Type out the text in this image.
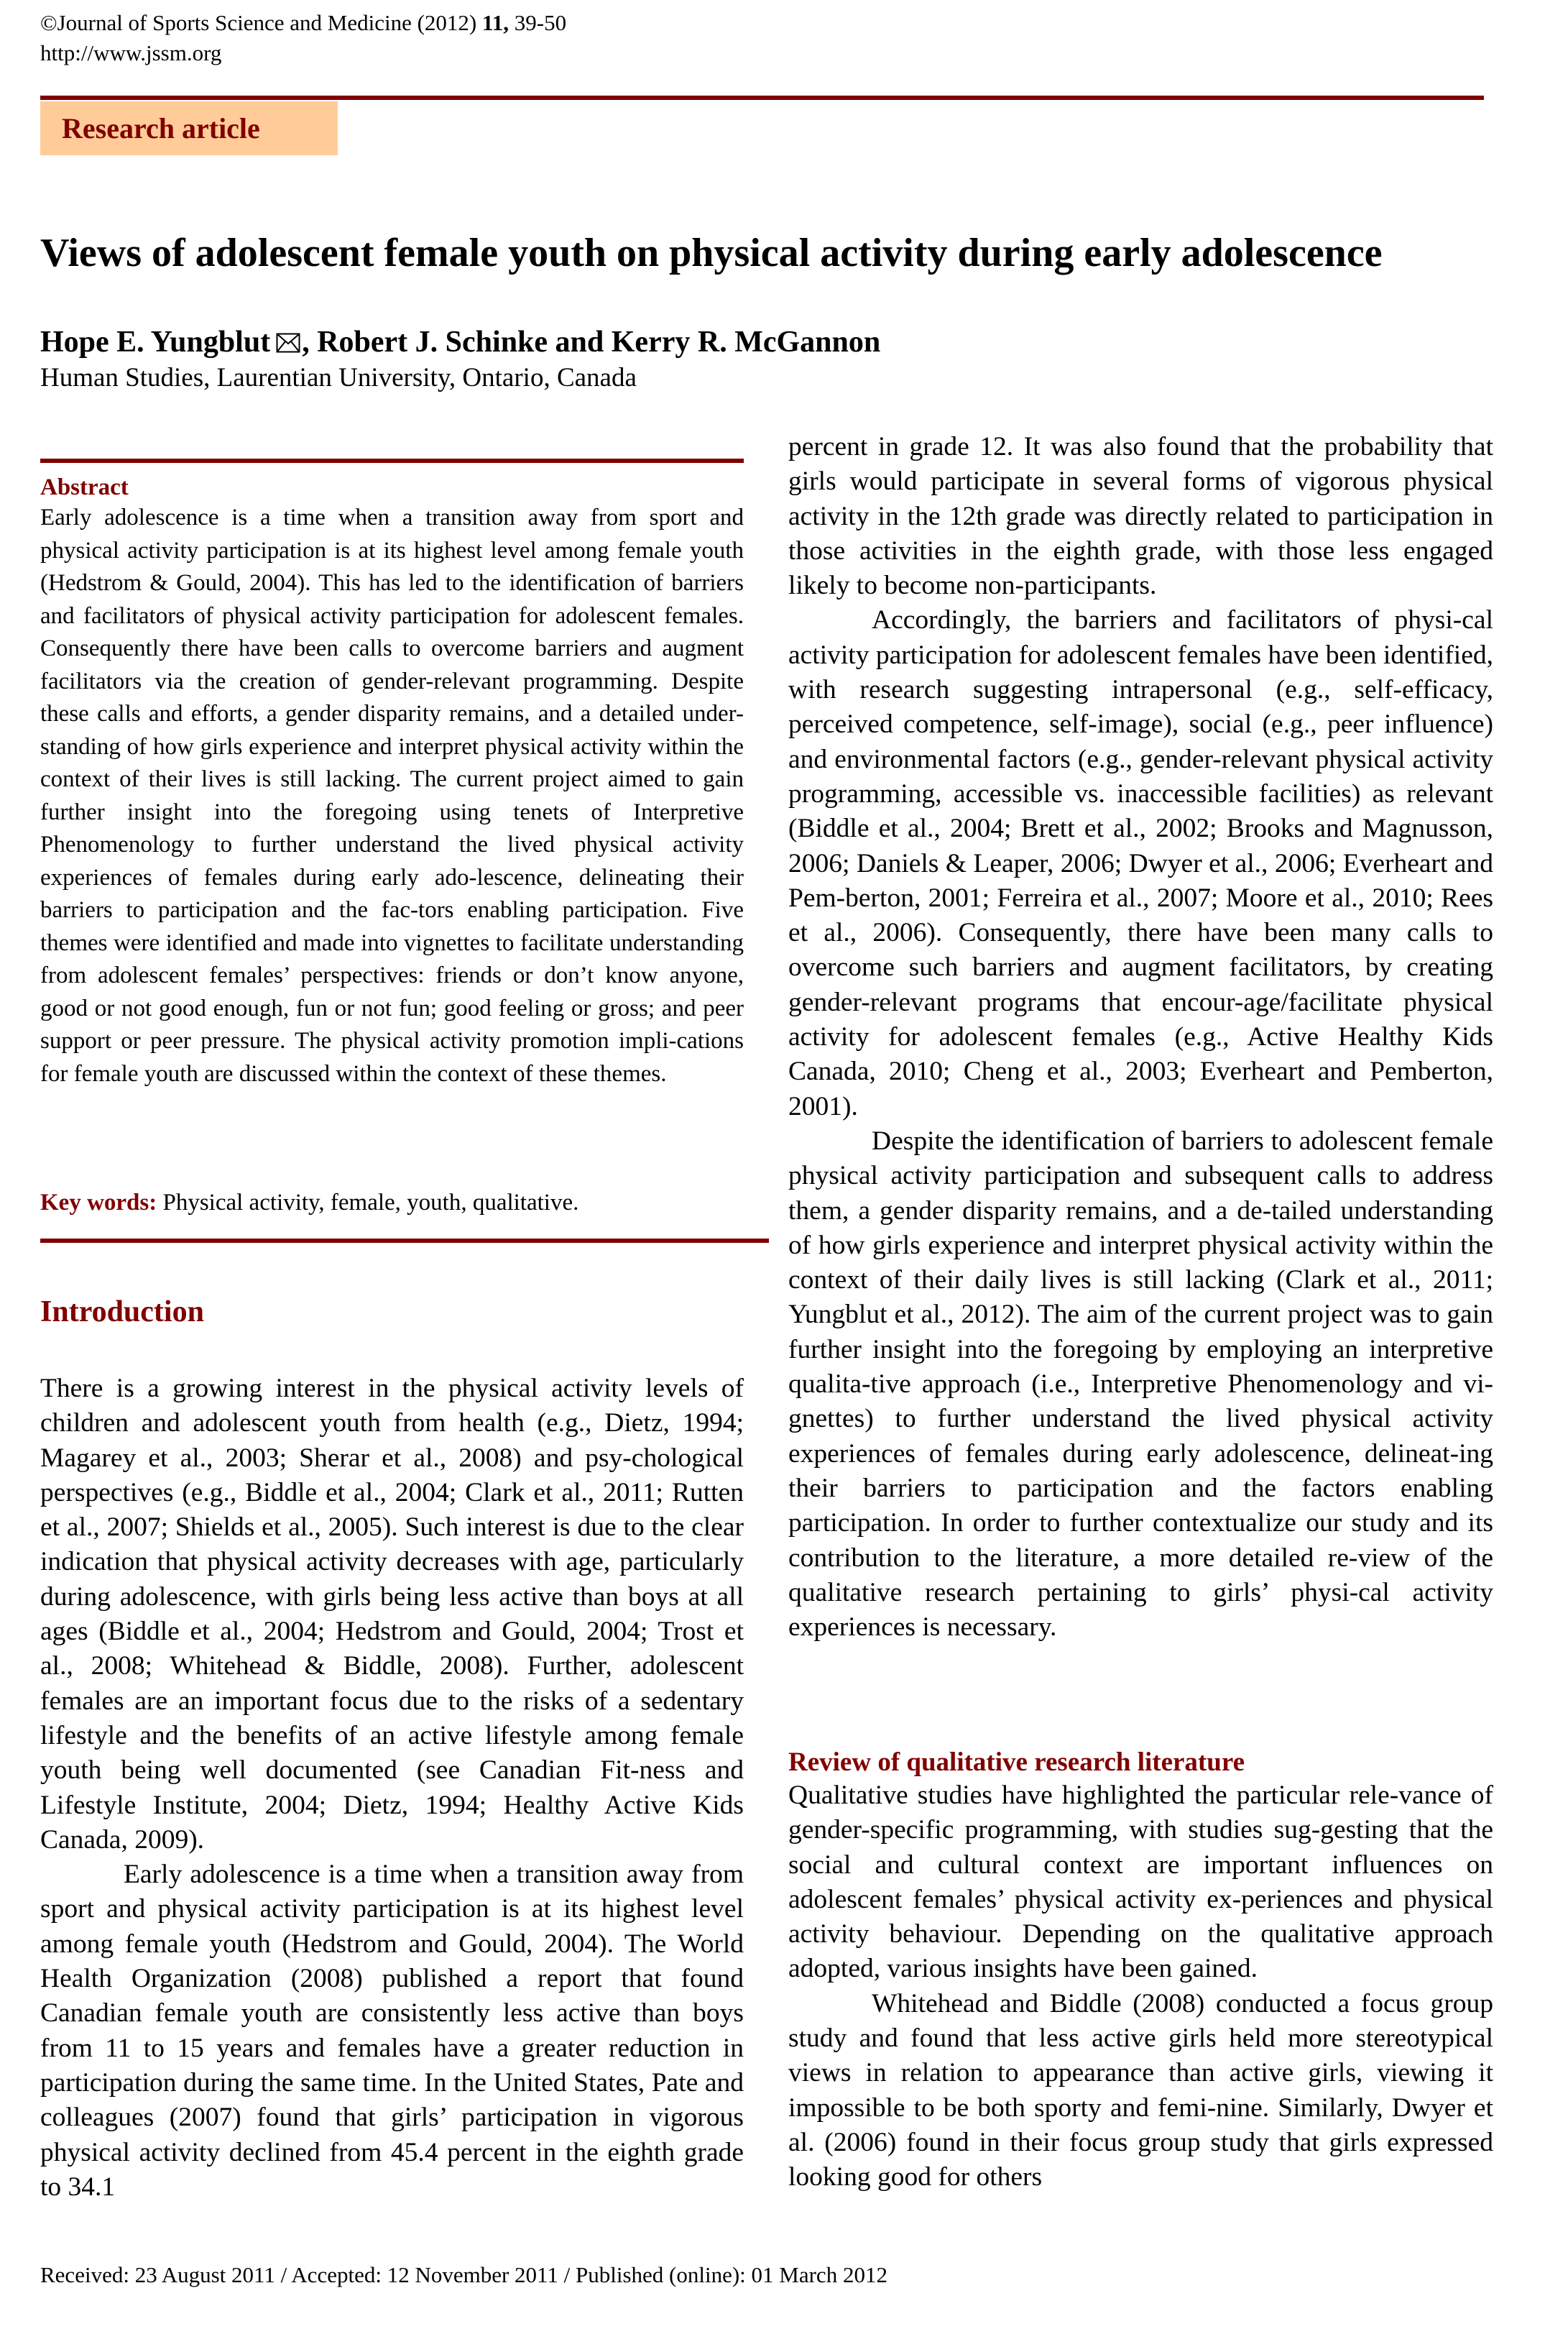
©Journal of Sports Science and Medicine (2012) 11, 39-50
http://www.jssm.org
Research article
Views of adolescent female youth on physical activity during early adolescence
Hope E. Yungblut , Robert J. Schinke and Kerry R. McGannon
Human Studies, Laurentian University, Ontario, Canada
Abstract
Early adolescence is a time when a transition away from sport and physical activity participation is at its highest level among female youth (Hedstrom & Gould, 2004). This has led to the identification of barriers and facilitators of physical activity participation for adolescent females. Consequently there have been calls to overcome barriers and augment facilitators via the creation of gender-relevant programming. Despite these calls and efforts, a gender disparity remains, and a detailed under-standing of how girls experience and interpret physical activity within the context of their lives is still lacking. The current project aimed to gain further insight into the foregoing using tenets of Interpretive Phenomenology to further understand the lived physical activity experiences of females during early ado-lescence, delineating their barriers to participation and the fac-tors enabling participation. Five themes were identified and made into vignettes to facilitate understanding from adolescent females’ perspectives: friends or don’t know anyone, good or not good enough, fun or not fun; good feeling or gross; and peer support or peer pressure. The physical activity promotion impli-cations for female youth are discussed within the context of these themes.
Key words: Physical activity, female, youth, qualitative.
Introduction

There is a growing interest in the physical activity levels of children and adolescent youth from health (e.g., Dietz, 1994; Magarey et al., 2003; Sherar et al., 2008) and psy-chological perspectives (e.g., Biddle et al., 2004; Clark et al., 2011; Rutten et al., 2007; Shields et al., 2005). Such interest is due to the clear indication that physical activity decreases with age, particularly during adolescence, with girls being less active than boys at all ages (Biddle et al., 2004; Hedstrom and Gould, 2004; Trost et al., 2008; Whitehead & Biddle, 2008). Further, adolescent females are an important focus due to the risks of a sedentary lifestyle and the benefits of an active lifestyle among female youth being well documented (see Canadian Fit-ness and Lifestyle Institute, 2004; Dietz, 1994; Healthy Active Kids Canada, 2009).

Early adolescence is a time when a transition away from sport and physical activity participation is at its highest level among female youth (Hedstrom and Gould, 2004). The World Health Organization (2008) published a report that found Canadian female youth are consistently less active than boys from 11 to 15 years and females have a greater reduction in participation during the same time. In the United States, Pate and colleagues (2007) found that girls’ participation in vigorous physical activity declined from 45.4 percent in the eighth grade to 34.1

percent in grade 12. It was also found that the probability that girls would participate in several forms of vigorous physical activity in the 12th grade was directly related to participation in those activities in the eighth grade, with those less engaged likely to become non-participants.

Accordingly, the barriers and facilitators of physi-cal activity participation for adolescent females have been identified, with research suggesting intrapersonal (e.g., self-efficacy, perceived competence, self-image), social (e.g., peer influence) and environmental factors (e.g., gender-relevant physical activity programming, accessible vs. inaccessible facilities) as relevant (Biddle et al., 2004; Brett et al., 2002; Brooks and Magnusson, 2006; Daniels & Leaper, 2006; Dwyer et al., 2006; Everheart and Pem-berton, 2001; Ferreira et al., 2007; Moore et al., 2010; Rees et al., 2006). Consequently, there have been many calls to overcome such barriers and augment facilitators, by creating gender-relevant programs that encour-age/facilitate physical activity for adolescent females (e.g., Active Healthy Kids Canada, 2010; Cheng et al., 2003; Everheart and Pemberton, 2001).

Despite the identification of barriers to adolescent female physical activity participation and subsequent calls to address them, a gender disparity remains, and a de-tailed understanding of how girls experience and interpret physical activity within the context of their daily lives is still lacking (Clark et al., 2011; Yungblut et al., 2012). The aim of the current project was to gain further insight into the foregoing by employing an interpretive qualita-tive approach (i.e., Interpretive Phenomenology and vi-gnettes) to further understand the lived physical activity experiences of females during early adolescence, delineat-ing their barriers to participation and the factors enabling participation. In order to further contextualize our study and its contribution to the literature, a more detailed re-view of the qualitative research pertaining to girls’ physi-cal activity experiences is necessary.

Review of qualitative research literature

Qualitative studies have highlighted the particular rele-vance of gender-specific programming, with studies sug-gesting that the social and cultural context are important influences on adolescent females’ physical activity ex-periences and physical activity behaviour. Depending on the qualitative approach adopted, various insights have been gained.

Whitehead and Biddle (2008) conducted a focus group study and found that less active girls held more stereotypical views in relation to appearance than active girls, viewing it impossible to be both sporty and femi-nine. Similarly, Dwyer et al. (2006) found in their focus group study that girls expressed looking good for others

Received: 23 August 2011 / Accepted: 12 November 2011 / Published (online): 01 March 2012
